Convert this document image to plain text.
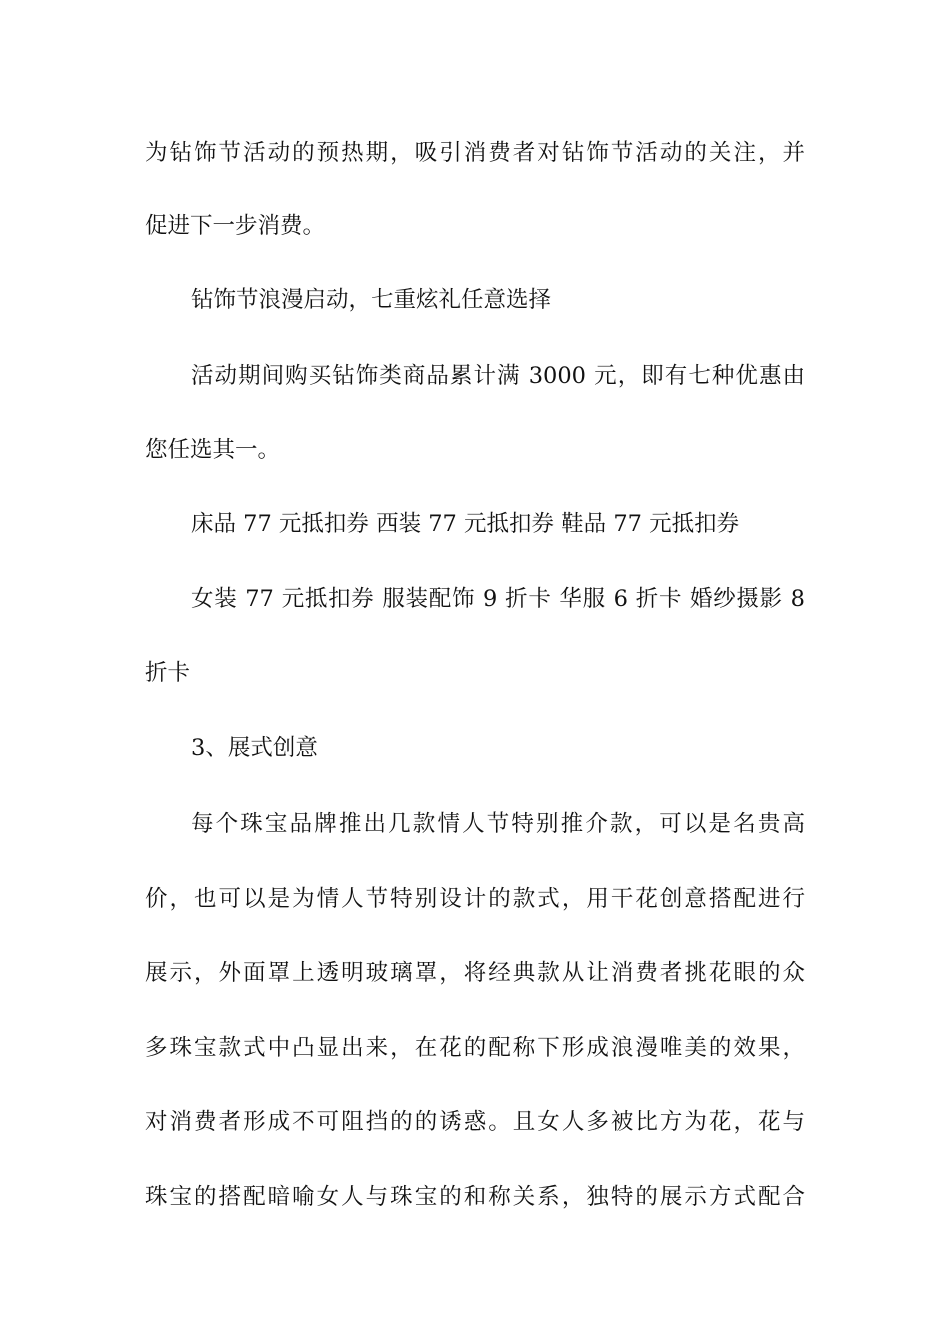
为钻饰节活动的预热期，吸引消费者对钻饰节活动的关注，并
促进下一步消费。
钻饰节浪漫启动，七重炫礼任意选择
活动期间购买钻饰类商品累计满 3000 元，即有七种优惠由
您任选其一。
床品 77 元抵扣券 西装 77 元抵扣券 鞋品 77 元抵扣券
女装 77 元抵扣券 服装配饰 9 折卡 华服 6 折卡 婚纱摄影 8
折卡
3、展式创意
每个珠宝品牌推出几款情人节特别推介款，可以是名贵高
价，也可以是为情人节特别设计的款式，用干花创意搭配进行
展示，外面罩上透明玻璃罩，将经典款从让消费者挑花眼的众
多珠宝款式中凸显出来，在花的配称下形成浪漫唯美的效果，
对消费者形成不可阻挡的的诱惑。且女人多被比方为花，花与
珠宝的搭配暗喻女人与珠宝的和称关系，独特的展示方式配合
